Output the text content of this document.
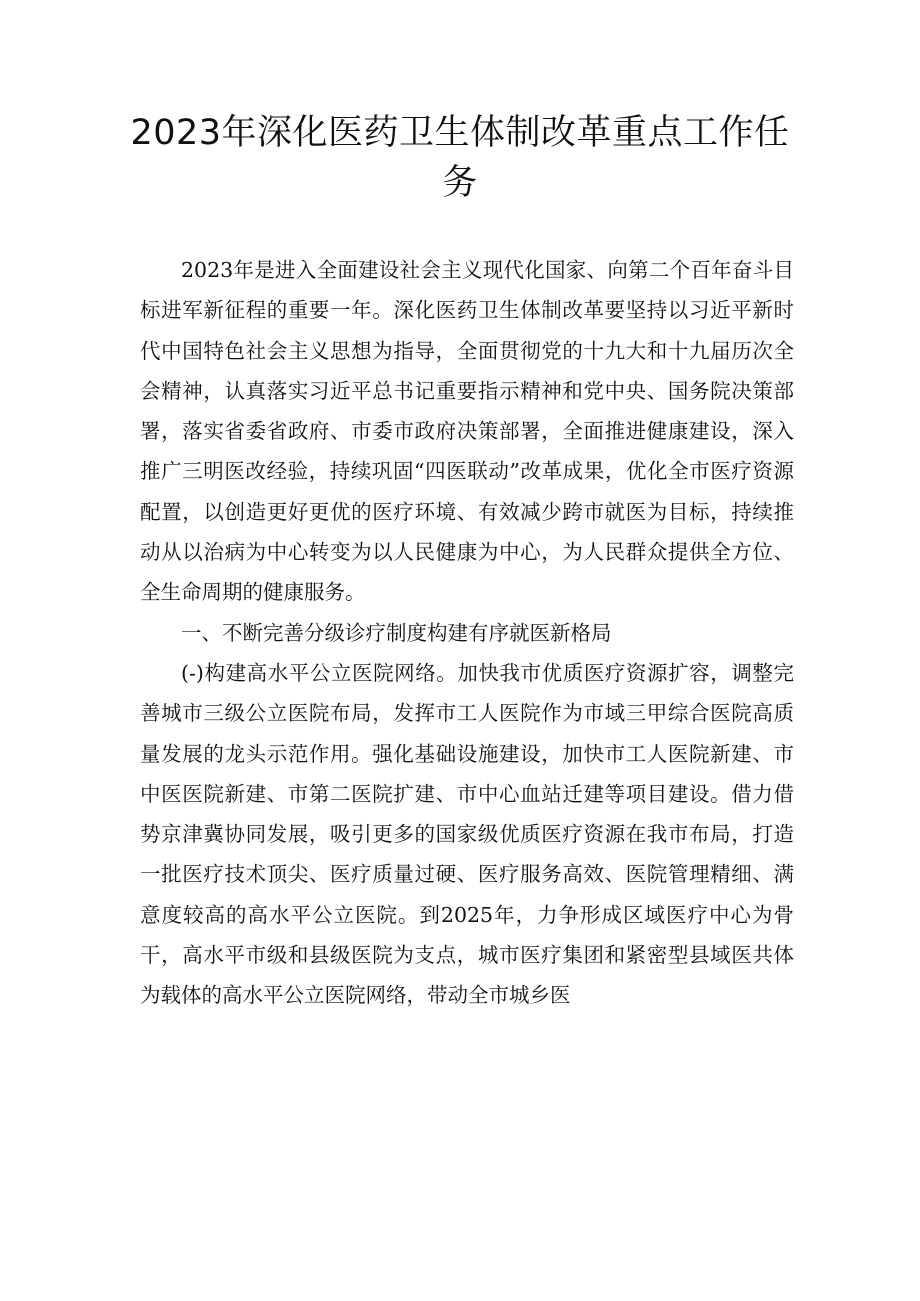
2023年深化医药卫生体制改革重点工作任务

2023年是进入全面建设社会主义现代化国家、向第二个百年奋斗目标进军新征程的重要一年。深化医药卫生体制改革要坚持以习近平新时代中国特色社会主义思想为指导，全面贯彻党的十九大和十九届历次全会精神，认真落实习近平总书记重要指示精神和党中央、国务院决策部署，落实省委省政府、市委市政府决策部署，全面推进健康建设，深入推广三明医改经验，持续巩固“四医联动”改革成果，优化全市医疗资源配置，以创造更好更优的医疗环境、有效减少跨市就医为目标，持续推动从以治病为中心转变为以人民健康为中心，为人民群众提供全方位、全生命周期的健康服务。

一、不断完善分级诊疗制度构建有序就医新格局

(-)构建高水平公立医院网络。加快我市优质医疗资源扩容，调整完善城市三级公立医院布局，发挥市工人医院作为市域三甲综合医院高质量发展的龙头示范作用。强化基础设施建设，加快市工人医院新建、市中医医院新建、市第二医院扩建、市中心血站迁建等项目建设。借力借势京津冀协同发展，吸引更多的国家级优质医疗资源在我市布局，打造一批医疗技术顶尖、医疗质量过硬、医疗服务高效、医院管理精细、满意度较高的高水平公立医院。到2025年，力争形成区域医疗中心为骨干，高水平市级和县级医院为支点，城市医疗集团和紧密型县域医共体为载体的高水平公立医院网络，带动全市城乡医
